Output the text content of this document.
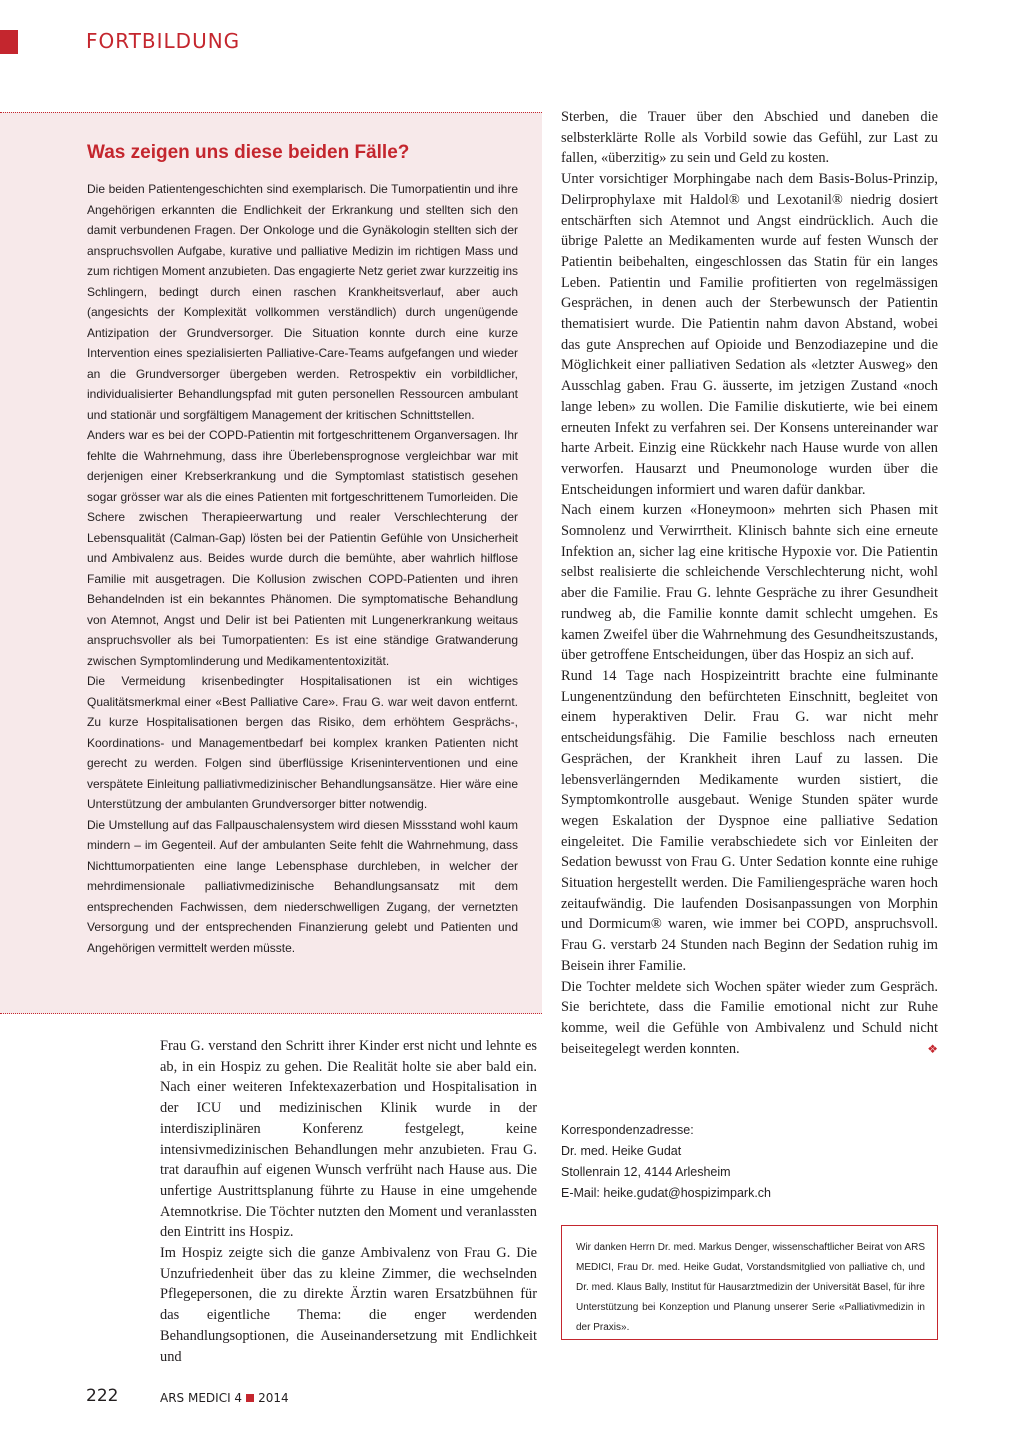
FORTBILDUNG
Was zeigen uns diese beiden Fälle?

Die beiden Patientengeschichten sind exemplarisch. Die Tumorpatientin und ihre Angehörigen erkannten die Endlichkeit der Erkrankung und stellten sich den damit verbundenen Fragen. Der Onkologe und die Gynäkologin stellten sich der anspruchsvollen Aufgabe, kurative und palliative Medizin im richtigen Mass und zum richtigen Moment anzubieten. Das engagierte Netz geriet zwar kurzzeitig ins Schlingern, bedingt durch einen raschen Krankheitsverlauf, aber auch (angesichts der Komplexität vollkommen verständlich) durch ungenügende Antizipation der Grundversorger. Die Situation konnte durch eine kurze Intervention eines spezialisierten Palliative-Care-Teams aufgefangen und wieder an die Grundversorger übergeben werden. Retrospektiv ein vorbildlicher, individualisierter Behandlungspfad mit guten personellen Ressourcen ambulant und stationär und sorgfältigem Management der kritischen Schnittstellen.

Anders war es bei der COPD-Patientin mit fortgeschrittenem Organversagen. Ihr fehlte die Wahrnehmung, dass ihre Überlebensprognose vergleichbar war mit derjenigen einer Krebserkrankung und die Symptomlast statistisch gesehen sogar grösser war als die eines Patienten mit fortgeschrittenem Tumorleiden. Die Schere zwischen Therapieerwartung und realer Verschlechterung der Lebensqualität (Calman-Gap) lösten bei der Patientin Gefühle von Unsicherheit und Ambivalenz aus. Beides wurde durch die bemühte, aber wahrlich hilflose Familie mit ausgetragen. Die Kollusion zwischen COPD-Patienten und ihren Behandelnden ist ein bekanntes Phänomen. Die symptomatische Behandlung von Atemnot, Angst und Delir ist bei Patienten mit Lungenerkrankung weitaus anspruchsvoller als bei Tumorpatienten: Es ist eine ständige Gratwanderung zwischen Symptomlinderung und Medikamententoxizität.

Die Vermeidung krisenbedingter Hospitalisationen ist ein wichtiges Qualitätsmerkmal einer «Best Palliative Care». Frau G. war weit davon entfernt. Zu kurze Hospitalisationen bergen das Risiko, dem erhöhtem Gesprächs-, Koordinations- und Managementbedarf bei komplex kranken Patienten nicht gerecht zu werden. Folgen sind überflüssige Kriseninterventionen und eine verspätete Einleitung palliativmedizinischer Behandlungsansätze. Hier wäre eine Unterstützung der ambulanten Grundversorger bitter notwendig.

Die Umstellung auf das Fallpauschalensystem wird diesen Missstand wohl kaum mindern – im Gegenteil. Auf der ambulanten Seite fehlt die Wahrnehmung, dass Nichttumorpatienten eine lange Lebensphase durchleben, in welcher der mehrdimensionale palliativmedizinische Behandlungsansatz mit dem entsprechenden Fachwissen, dem niederschwelligen Zugang, der vernetzten Versorgung und der entsprechenden Finanzierung gelebt und Patienten und Angehörigen vermittelt werden müsste.

Frau G. verstand den Schritt ihrer Kinder erst nicht und lehnte es ab, in ein Hospiz zu gehen. Die Realität holte sie aber bald ein. Nach einer weiteren Infektexazerbation und Hospitalisation in der ICU und medizinischen Klinik wurde in der interdisziplinären Konferenz festgelegt, keine intensivmedizinischen Behandlungen mehr anzubieten. Frau G. trat daraufhin auf eigenen Wunsch verfrüht nach Hause aus. Die unfertige Austrittsplanung führte zu Hause in eine umgehende Atemnotkrise. Die Töchter nutzten den Moment und veranlassten den Eintritt ins Hospiz.

Im Hospiz zeigte sich die ganze Ambivalenz von Frau G. Die Unzufriedenheit über das zu kleine Zimmer, die wechselnden Pflegepersonen, die zu direkte Ärztin waren Ersatzbühnen für das eigentliche Thema: die enger werdenden Behandlungsoptionen, die Auseinandersetzung mit Endlichkeit und

Sterben, die Trauer über den Abschied und daneben die selbsterklärte Rolle als Vorbild sowie das Gefühl, zur Last zu fallen, «überzitig» zu sein und Geld zu kosten.

Unter vorsichtiger Morphingabe nach dem Basis-Bolus-Prinzip, Delirprophylaxe mit Haldol® und Lexotanil® niedrig dosiert entschärften sich Atemnot und Angst eindrücklich. Auch die übrige Palette an Medikamenten wurde auf festen Wunsch der Patientin beibehalten, eingeschlossen das Statin für ein langes Leben. Patientin und Familie profitierten von regelmässigen Gesprächen, in denen auch der Sterbewunsch der Patientin thematisiert wurde. Die Patientin nahm davon Abstand, wobei das gute Ansprechen auf Opioide und Benzodiazepine und die Möglichkeit einer palliativen Sedation als «letzter Ausweg» den Ausschlag gaben. Frau G. äusserte, im jetzigen Zustand «noch lange leben» zu wollen. Die Familie diskutierte, wie bei einem erneuten Infekt zu verfahren sei. Der Konsens untereinander war harte Arbeit. Einzig eine Rückkehr nach Hause wurde von allen verworfen. Hausarzt und Pneumonologe wurden über die Entscheidungen informiert und waren dafür dankbar.

Nach einem kurzen «Honeymoon» mehrten sich Phasen mit Somnolenz und Verwirrtheit. Klinisch bahnte sich eine erneute Infektion an, sicher lag eine kritische Hypoxie vor. Die Patientin selbst realisierte die schleichende Verschlechterung nicht, wohl aber die Familie. Frau G. lehnte Gespräche zu ihrer Gesundheit rundweg ab, die Familie konnte damit schlecht umgehen. Es kamen Zweifel über die Wahrnehmung des Gesundheitszustands, über getroffene Entscheidungen, über das Hospiz an sich auf.

Rund 14 Tage nach Hospizeintritt brachte eine fulminante Lungenentzündung den befürchteten Einschnitt, begleitet von einem hyperaktiven Delir. Frau G. war nicht mehr entscheidungsfähig. Die Familie beschloss nach erneuten Gesprächen, der Krankheit ihren Lauf zu lassen. Die lebensverlängernden Medikamente wurden sistiert, die Symptomkontrolle ausgebaut. Wenige Stunden später wurde wegen Eskalation der Dyspnoe eine palliative Sedation eingeleitet. Die Familie verabschiedete sich vor Einleiten der Sedation bewusst von Frau G. Unter Sedation konnte eine ruhige Situation hergestellt werden. Die Familiengespräche waren hoch zeitaufwändig. Die laufenden Dosisanpassungen von Morphin und Dormicum® waren, wie immer bei COPD, anspruchsvoll. Frau G. verstarb 24 Stunden nach Beginn der Sedation ruhig im Beisein ihrer Familie.

Die Tochter meldete sich Wochen später wieder zum Gespräch. Sie berichtete, dass die Familie emotional nicht zur Ruhe komme, weil die Gefühle von Ambivalenz und Schuld nicht beiseitegelegt werden konnten.	❖

Korrespondenzadresse:
Dr. med. Heike Gudat
Stollenrain 12, 4144 Arlesheim
E-Mail: heike.gudat@hospizimpark.ch

Wir danken Herrn Dr. med. Markus Denger, wissenschaftlicher Beirat von ARS MEDICI, Frau Dr. med. Heike Gudat, Vorstandsmitglied von palliative ch, und Dr. med. Klaus Bally, Institut für Hausarztmedizin der Universität Basel, für ihre Unterstützung bei Konzeption und Planung unserer Serie «Palliativmedizin in der Praxis».

222	ARS MEDICI 4 2014
